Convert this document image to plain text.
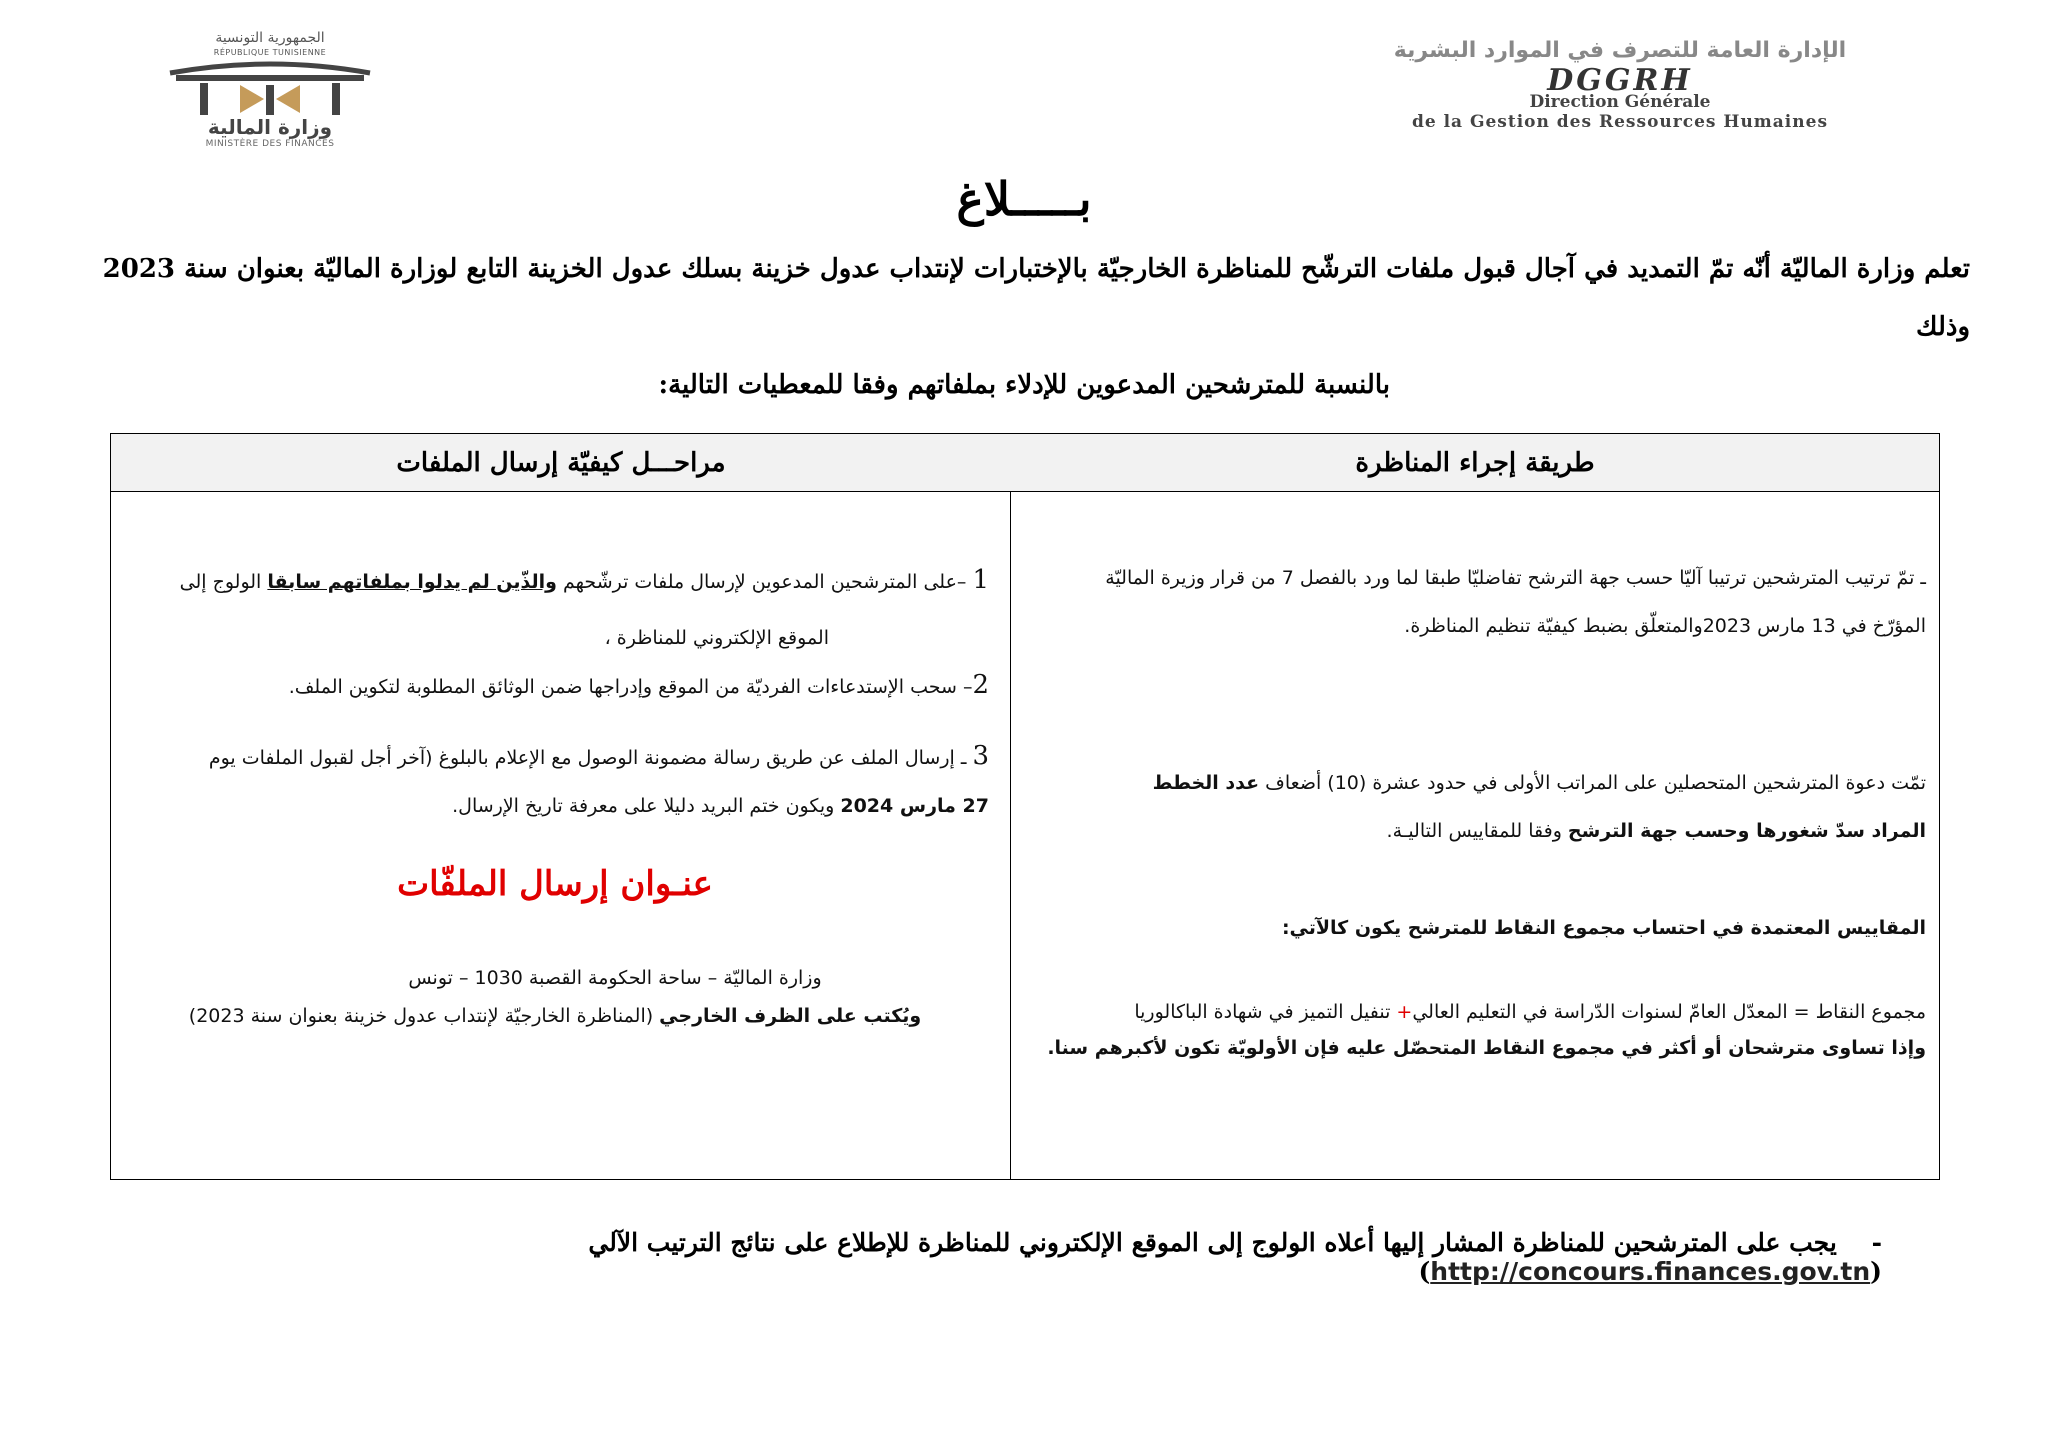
الجمهورية التونسية
RÉPUBLIQUE TUNISIENNE
وزارة المالية
MINISTÈRE DES FINANCES
الإدارة العامة للتصرف في الموارد البشرية
DGGRH
Direction Générale
de la Gestion des Ressources Humaines
بـــــلاغ
تعلم وزارة الماليّة أنّه تمّ التمديد في آجال قبول ملفات الترشّح للمناظرة الخارجيّة بالإختبارات لإنتداب عدول خزينة بسلك عدول الخزينة التابع لوزارة الماليّة بعنوان سنة 2023 وذلك
بالنسبة للمترشحين المدعوين للإدلاء بملفاتهم وفقا للمعطيات التالية:
طريقة إجراء المناظرة
مراحـــل كيفيّة إرسال الملفات
ـ تمّ ترتيب المترشحين ترتيبا آليّا حسب جهة الترشح تفاضليّا طبقا لما ورد بالفصل 7 من قرار وزيرة الماليّة
المؤرّخ في 13 مارس 2023والمتعلّق بضبط كيفيّة تنظيم المناظرة.
تمّت دعوة المترشحين المتحصلين على المراتب الأولى في حدود عشرة (10) أضعاف عدد الخطط
المراد سدّ شغورها وحسب جهة الترشح وفقا للمقاييس التاليـة.
المقاييس المعتمدة في احتساب مجموع النقاط للمترشح يكون كالآتي:
مجموع النقاط = المعدّل العامّ لسنوات الدّراسة في التعليم العالي+ تنفيل التميز في شهادة الباكالوريا
وإذا تساوى مترشحان أو أكثر في مجموع النقاط المتحصّل عليه فإن الأولويّة تكون لأكبرهم سنا.
1 –على المترشحين المدعوين لإرسال ملفات ترشّحهم والذّين لم يدلوا بملفاتهم سابقا الولوج إلى
الموقع الإلكتروني للمناظرة ،
2– سحب الإستدعاءات الفرديّة من الموقع وإدراجها ضمن الوثائق المطلوبة لتكوين الملف.
3 ـ إرسال الملف عن طريق رسالة مضمونة الوصول مع الإعلام بالبلوغ (آخر أجل لقبول الملفات يوم
27 مارس 2024 ويكون ختم البريد دليلا على معرفة تاريخ الإرسال.
عنـوان إرسال الملفّات
وزارة الماليّة – ساحة الحكومة القصبة 1030 – تونس
ويُكتب على الظرف الخارجي (المناظرة الخارجيّة لإنتداب عدول خزينة بعنوان سنة 2023)
-    يجب على المترشحين للمناظرة المشار إليها أعلاه الولوج إلى الموقع الإلكتروني للمناظرة للإطلاع على نتائج الترتيب الآلي (http://concours.finances.gov.tn)
